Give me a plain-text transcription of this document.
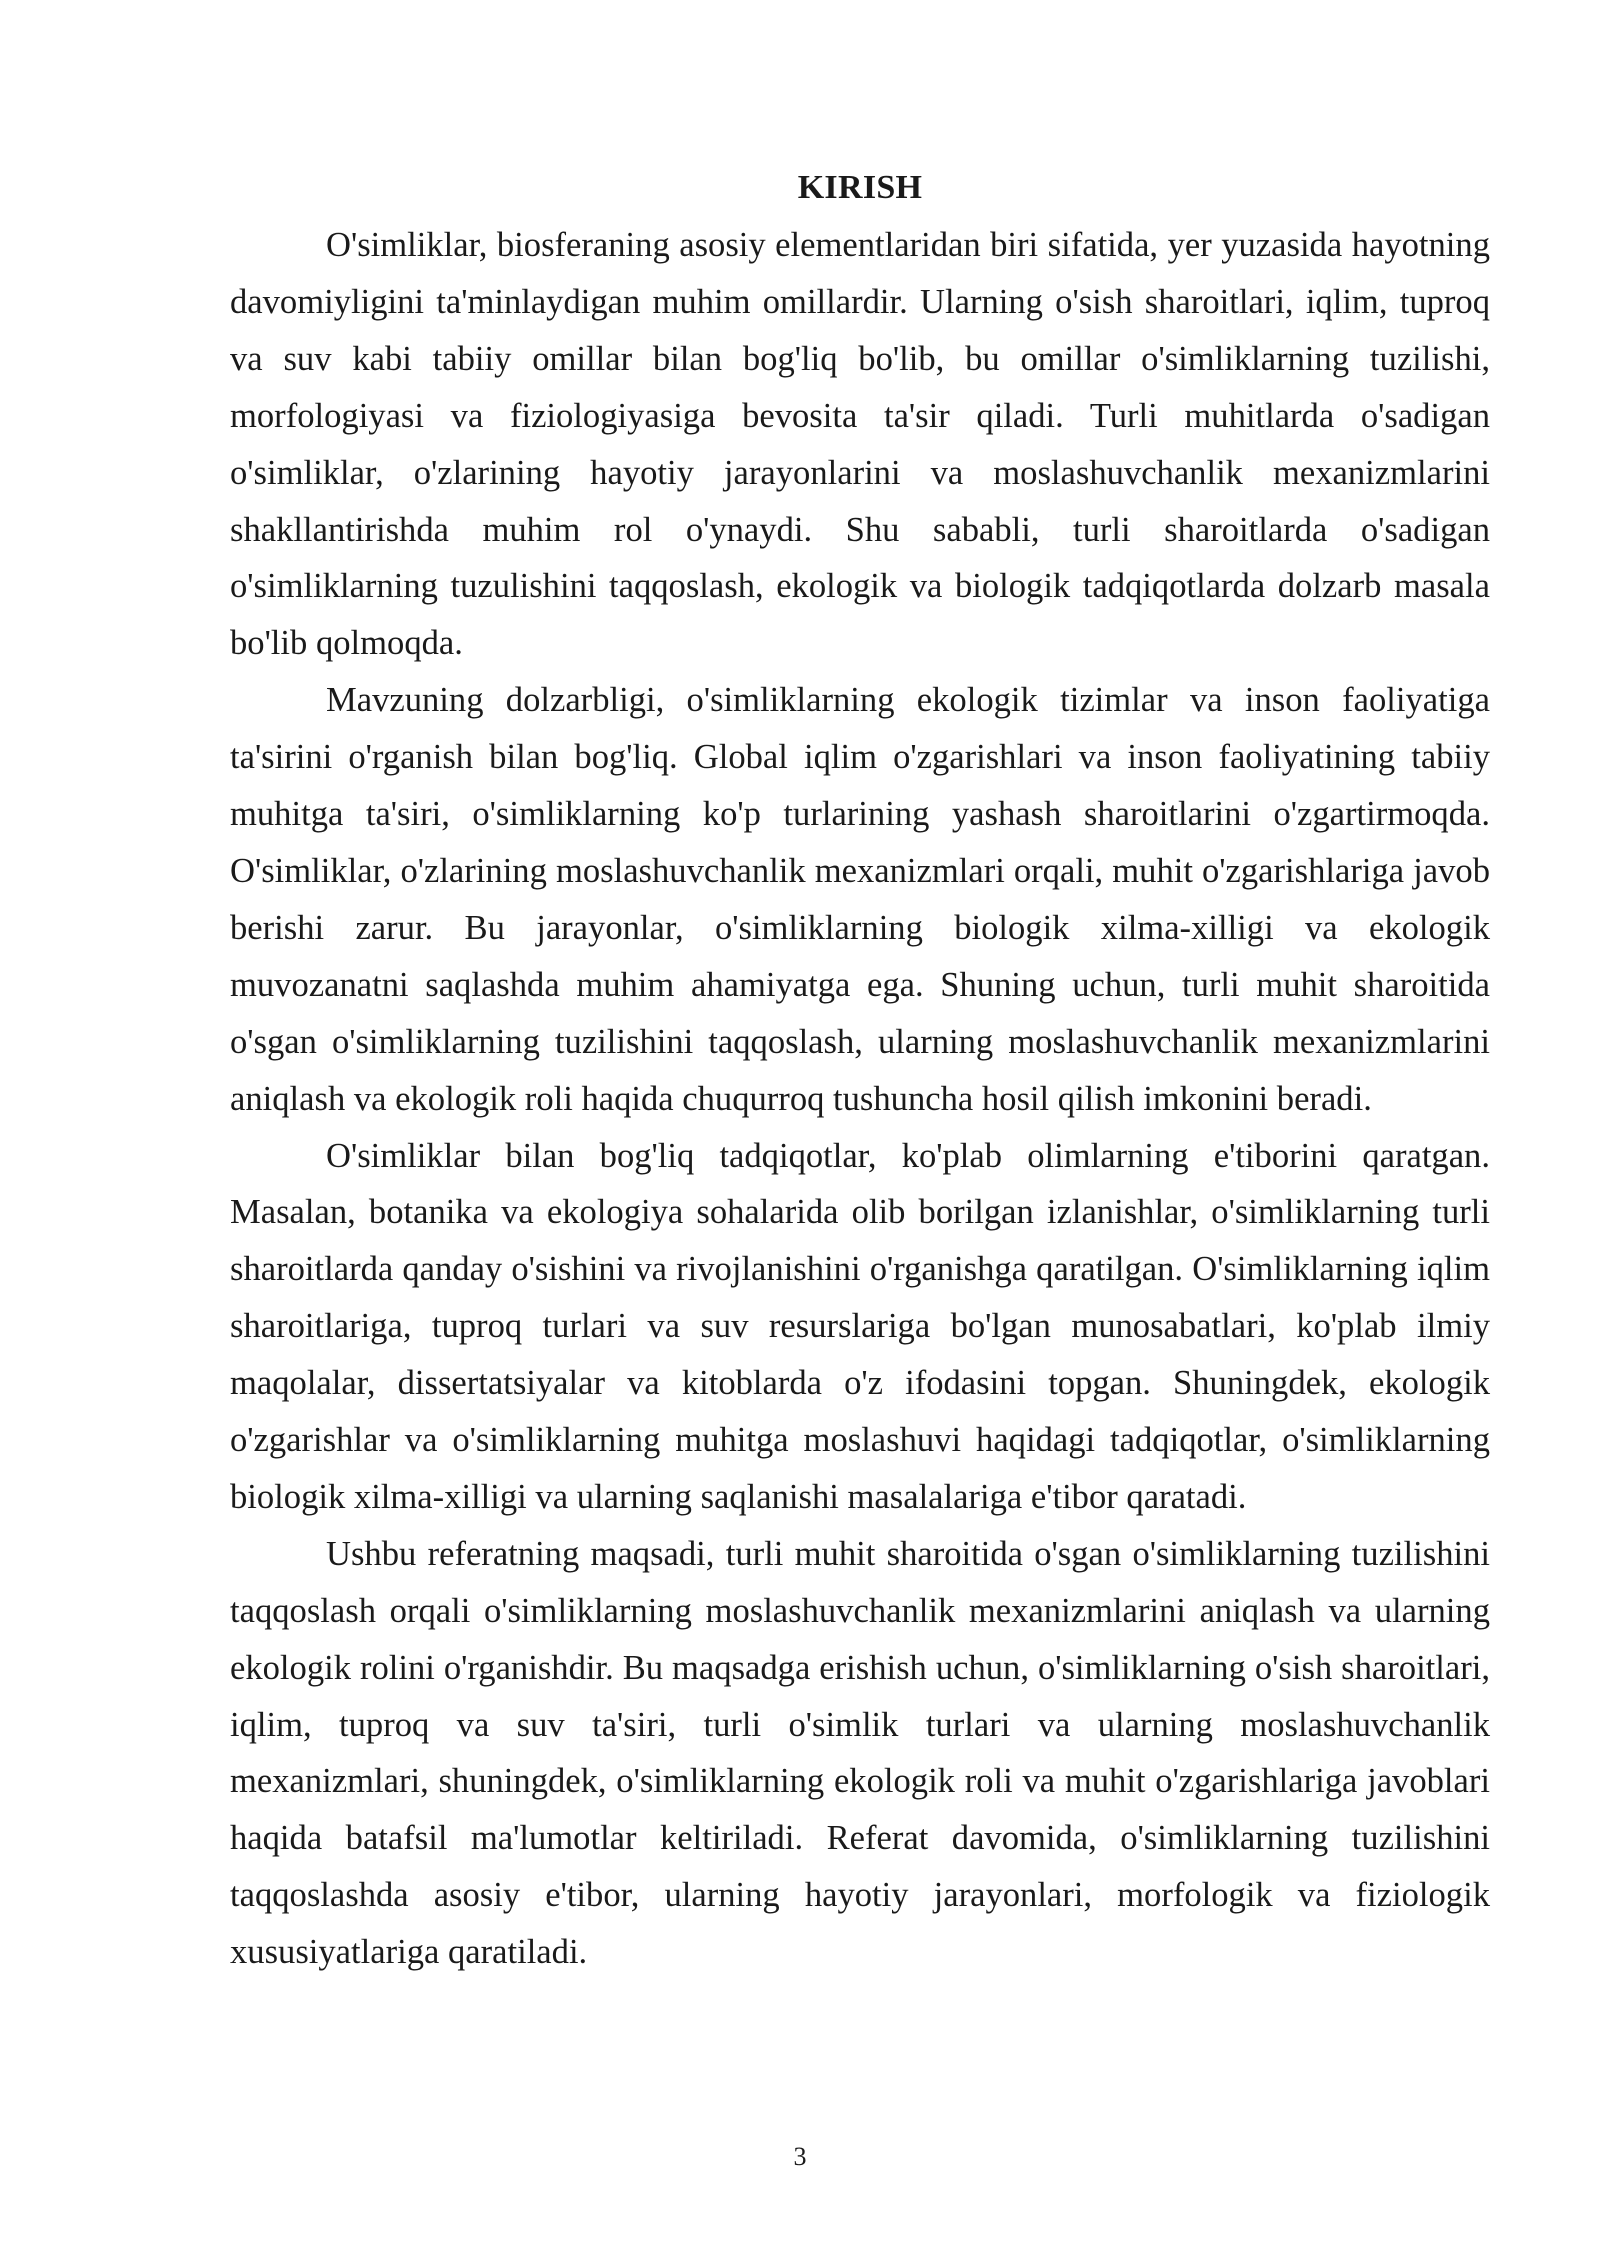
KIRISH

O'simliklar, biosferaning asosiy elementlaridan biri sifatida, yer yuzasida hayotning davomiyligini ta'minlaydigan muhim omillardir. Ularning o'sish sharoitlari, iqlim, tuproq va suv kabi tabiiy omillar bilan bog'liq bo'lib, bu omillar o'simliklarning tuzilishi, morfologiyasi va fiziologiyasiga bevosita ta'sir qiladi. Turli muhitlarda o'sadigan o'simliklar, o'zlarining hayotiy jarayonlarini va moslashuvchanlik mexanizmlarini shakllantirishda muhim rol o'ynaydi. Shu sababli, turli sharoitlarda o'sadigan o'simliklarning tuzulishini taqqoslash, ekologik va biologik tadqiqotlarda dolzarb masala bo'lib qolmoqda.

Mavzuning dolzarbligi, o'simliklarning ekologik tizimlar va inson faoliyatiga ta'sirini o'rganish bilan bog'liq. Global iqlim o'zgarishlari va inson faoliyatining tabiiy muhitga ta'siri, o'simliklarning ko'p turlarining yashash sharoitlarini o'zgartirmoqda. O'simliklar, o'zlarining moslashuvchanlik mexanizmlari orqali, muhit o'zgarishlariga javob berishi zarur. Bu jarayonlar, o'simliklarning biologik xilma-xilligi va ekologik muvozanatni saqlashda muhim ahamiyatga ega. Shuning uchun, turli muhit sharoitida o'sgan o'simliklarning tuzilishini taqqoslash, ularning moslashuvchanlik mexanizmlarini aniqlash va ekologik roli haqida chuqurroq tushuncha hosil qilish imkonini beradi.

O'simliklar bilan bog'liq tadqiqotlar, ko'plab olimlarning e'tiborini qaratgan. Masalan, botanika va ekologiya sohalarida olib borilgan izlanishlar, o'simliklarning turli sharoitlarda qanday o'sishini va rivojlanishini o'rganishga qaratilgan. O'simliklarning iqlim sharoitlariga, tuproq turlari va suv resurslariga bo'lgan munosabatlari, ko'plab ilmiy maqolalar, dissertatsiyalar va kitoblarda o'z ifodasini topgan. Shuningdek, ekologik o'zgarishlar va o'simliklarning muhitga moslashuvi haqidagi tadqiqotlar, o'simliklarning biologik xilma-xilligi va ularning saqlanishi masalalariga e'tibor qaratadi.

Ushbu referatning maqsadi, turli muhit sharoitida o'sgan o'simliklarning tuzilishini taqqoslash orqali o'simliklarning moslashuvchanlik mexanizmlarini aniqlash va ularning ekologik rolini o'rganishdir. Bu maqsadga erishish uchun, o'simliklarning o'sish sharoitlari, iqlim, tuproq va suv ta'siri, turli o'simlik turlari va ularning moslashuvchanlik mexanizmlari, shuningdek, o'simliklarning ekologik roli va muhit o'zgarishlariga javoblari haqida batafsil ma'lumotlar keltiriladi. Referat davomida, o'simliklarning tuzilishini taqqoslashda asosiy e'tibor, ularning hayotiy jarayonlari, morfologik va fiziologik xususiyatlariga qaratiladi.

3
